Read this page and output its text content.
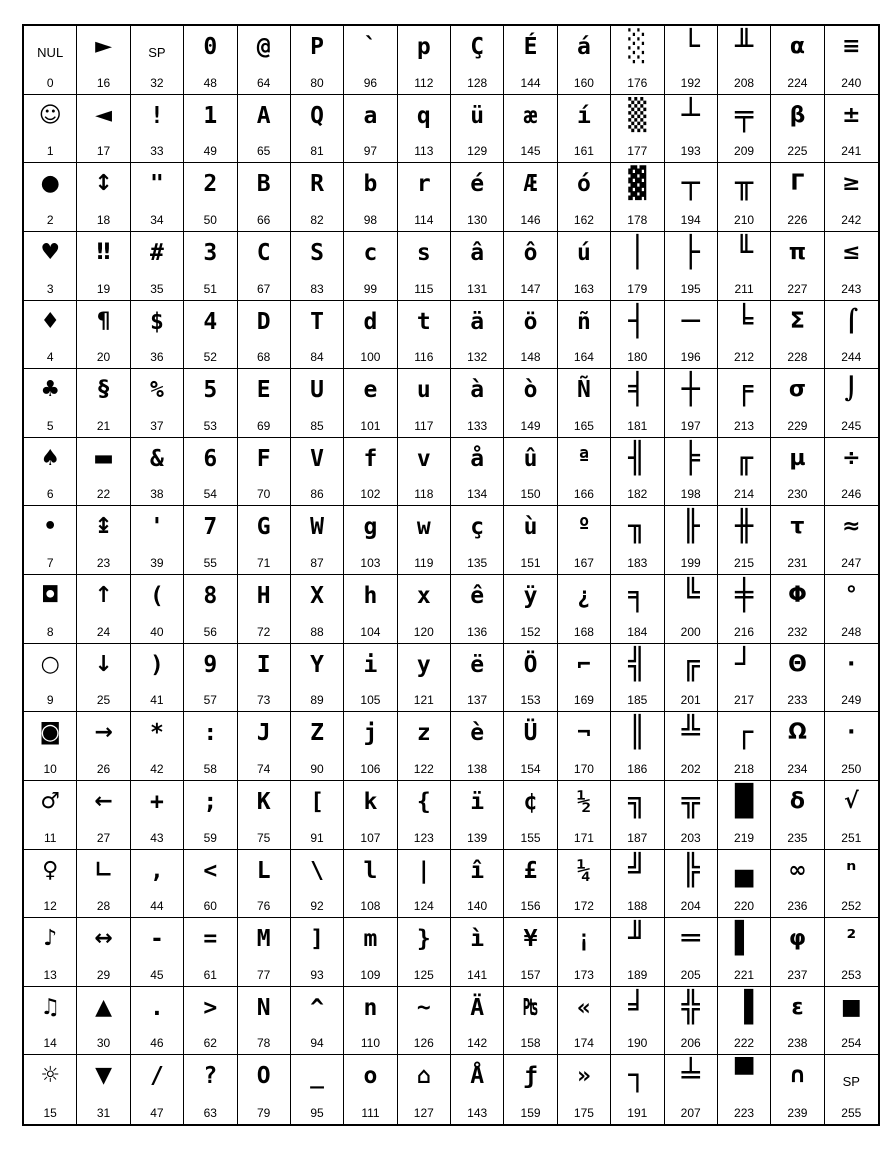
NUL
0
►
16
SP
32
0
48
@
64
P
80
`
96
p
112
Ç
128
É
144
á
160
░
176
└
192
╨
208
α
224
≡
240
☺
1
◄
17
!
33
1
49
A
65
Q
81
a
97
q
113
ü
129
æ
145
í
161
▒
177
┴
193
╤
209
β
225
±
241
●
2
↕
18
"
34
2
50
B
66
R
82
b
98
r
114
é
130
Æ
146
ó
162
▓
178
┬
194
╥
210
Γ
226
≥
242
♥
3
‼
19
#
35
3
51
C
67
S
83
c
99
s
115
â
131
ô
147
ú
163
│
179
├
195
╙
211
π
227
≤
243
♦
4
¶
20
$
36
4
52
D
68
T
84
d
100
t
116
ä
132
ö
148
ñ
164
┤
180
─
196
╘
212
Σ
228
⌠
244
♣
5
§
21
%
37
5
53
E
69
U
85
e
101
u
117
à
133
ò
149
Ñ
165
╡
181
┼
197
╒
213
σ
229
⌡
245
♠
6
▬
22
&
38
6
54
F
70
V
86
f
102
v
118
å
134
û
150
ª
166
╢
182
╞
198
╓
214
µ
230
÷
246
•
7
↨
23
'
39
7
55
G
71
W
87
g
103
w
119
ç
135
ù
151
º
167
╖
183
╟
199
╫
215
τ
231
≈
247
◘
8
↑
24
(
40
8
56
H
72
X
88
h
104
x
120
ê
136
ÿ
152
¿
168
╕
184
╚
200
╪
216
Φ
232
°
248
○
9
↓
25
)
41
9
57
I
73
Y
89
i
105
y
121
ë
137
Ö
153
⌐
169
╣
185
╔
201
┘
217
Θ
233
∙
249
◙
10
→
26
*
42
:
58
J
74
Z
90
j
106
z
122
è
138
Ü
154
¬
170
║
186
╩
202
┌
218
Ω
234
·
250
♂
11
←
27
+
43
;
59
K
75
[
91
k
107
{
123
ï
139
¢
155
½
171
╗
187
╦
203
█
219
δ
235
√
251
♀
12
∟
28
,
44
<
60
L
76
\
92
l
108
|
124
î
140
£
156
¼
172
╝
188
╠
204
▄
220
∞
236
ⁿ
252
♪
13
↔
29
-
45
=
61
M
77
]
93
m
109
}
125
ì
141
¥
157
¡
173
╜
189
═
205
▌
221
φ
237
²
253
♫
14
▲
30
.
46
>
62
N
78
^
94
n
110
~
126
Ä
142
₧
158
«
174
╛
190
╬
206
▐
222
ε
238
■
254
☼
15
▼
31
/
47
?
63
O
79
_
95
o
111
⌂
127
Å
143
ƒ
159
»
175
┐
191
╧
207
▀
223
∩
239
SP
255
